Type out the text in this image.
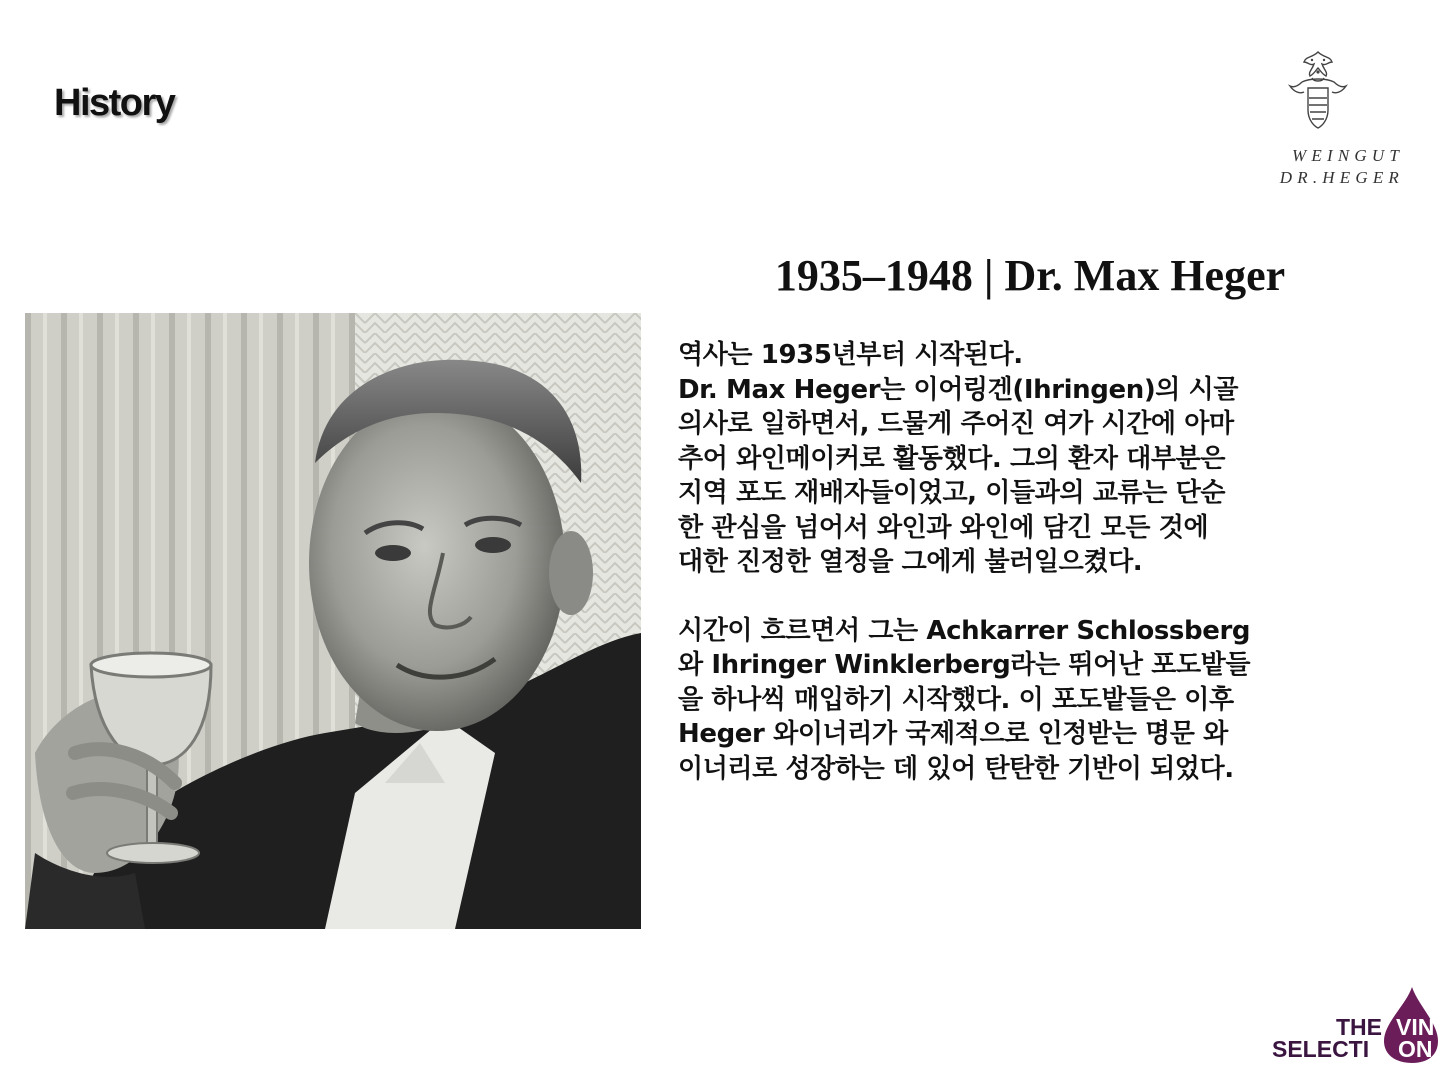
History
WEINGUT
DR.HEGER
1935–1948 | Dr. Max Heger

역사는 1935년부터 시작된다.
Dr. Max Heger는 이어링겐(Ihringen)의 시골
의사로 일하면서, 드물게 주어진 여가 시간에 아마
추어 와인메이커로 활동했다. 그의 환자 대부분은
지역 포도 재배자들이었고, 이들과의 교류는 단순
한 관심을 넘어서 와인과 와인에 담긴 모든 것에
대한 진정한 열정을 그에게 불러일으켰다.

시간이 흐르면서 그는 Achkarrer Schlossberg
와 Ihringer Winklerberg라는 뛰어난 포도밭들
을 하나씩 매입하기 시작했다. 이 포도밭들은 이후
Heger 와이너리가 국제적으로 인정받는 명문 와
이너리로 성장하는 데 있어 탄탄한 기반이 되었다.

THE VIN
SELECTI ON
